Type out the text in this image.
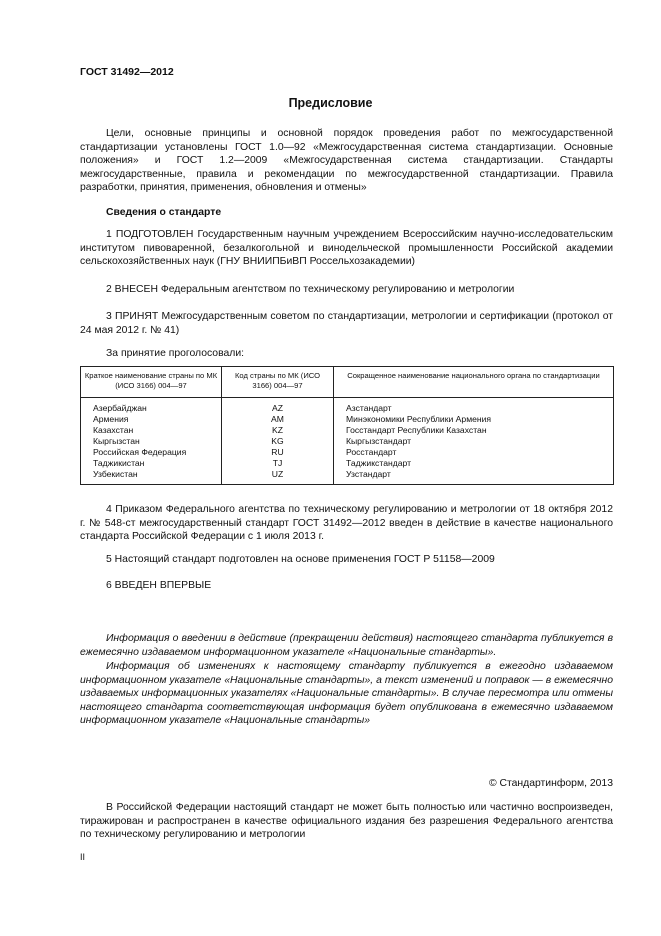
ГОСТ 31492—2012
Предисловие

Цели, основные принципы и основной порядок проведения работ по межгосударственной стандартизации установлены ГОСТ 1.0—92 «Межгосударственная система стандартизации. Основные положения» и ГОСТ 1.2—2009 «Межгосударственная система стандартизации. Стандарты межгосударственные, правила и рекомендации по межгосударственной стандартизации. Правила разработки, принятия, применения, обновления и отмены»

Сведения о стандарте

1 ПОДГОТОВЛЕН Государственным научным учреждением Всероссийским научно-исследовательским институтом пивоваренной, безалкогольной и винодельческой промышленности Российской академии сельскохозяйственных наук (ГНУ ВНИИПБиВП Россельхозакадемии)

2 ВНЕСЕН Федеральным агентством по техническому регулированию и метрологии

3 ПРИНЯТ Межгосударственным советом по стандартизации, метрологии и сертификации (протокол от 24 мая 2012 г. № 41)

За принятие проголосовали:
Краткое наименование страны по МК (ИСО 3166) 004—97	Код страны по МК (ИСО 3166) 004—97	Сокращенное наименование национального органа по стандартизации
Азербайджан	AZ	Азстандарт
Армения	AM	Минэкономики Республики Армения
Казахстан	KZ	Госстандарт Республики Казахстан
Кыргызстан	KG	Кыргызстандарт
Российская Федерация	RU	Росстандарт
Таджикистан	TJ	Таджикстандарт
Узбекистан	UZ	Узстандарт

4 Приказом Федерального агентства по техническому регулированию и метрологии от 18 октября 2012 г. № 548-ст межгосударственный стандарт ГОСТ 31492—2012 введен в действие в качестве национального стандарта Российской Федерации с 1 июля 2013 г.

5 Настоящий стандарт подготовлен на основе применения ГОСТ Р 51158—2009

6 ВВЕДЕН ВПЕРВЫЕ

Информация о введении в действие (прекращении действия) настоящего стандарта публикуется в ежемесячно издаваемом информационном указателе «Национальные стандарты».

Информация об изменениях к настоящему стандарту публикуется в ежегодно издаваемом информационном указателе «Национальные стандарты», а текст изменений и поправок — в ежемесячно издаваемых информационных указателях «Национальные стандарты». В случае пересмотра или отмены настоящего стандарта соответствующая информация будет опубликована в ежемесячно издаваемом информационном указателе «Национальные стандарты»

© Стандартинформ, 2013

В Российской Федерации настоящий стандарт не может быть полностью или частично воспроизведен, тиражирован и распространен в качестве официального издания без разрешения Федерального агентства по техническому регулированию и метрологии

II
